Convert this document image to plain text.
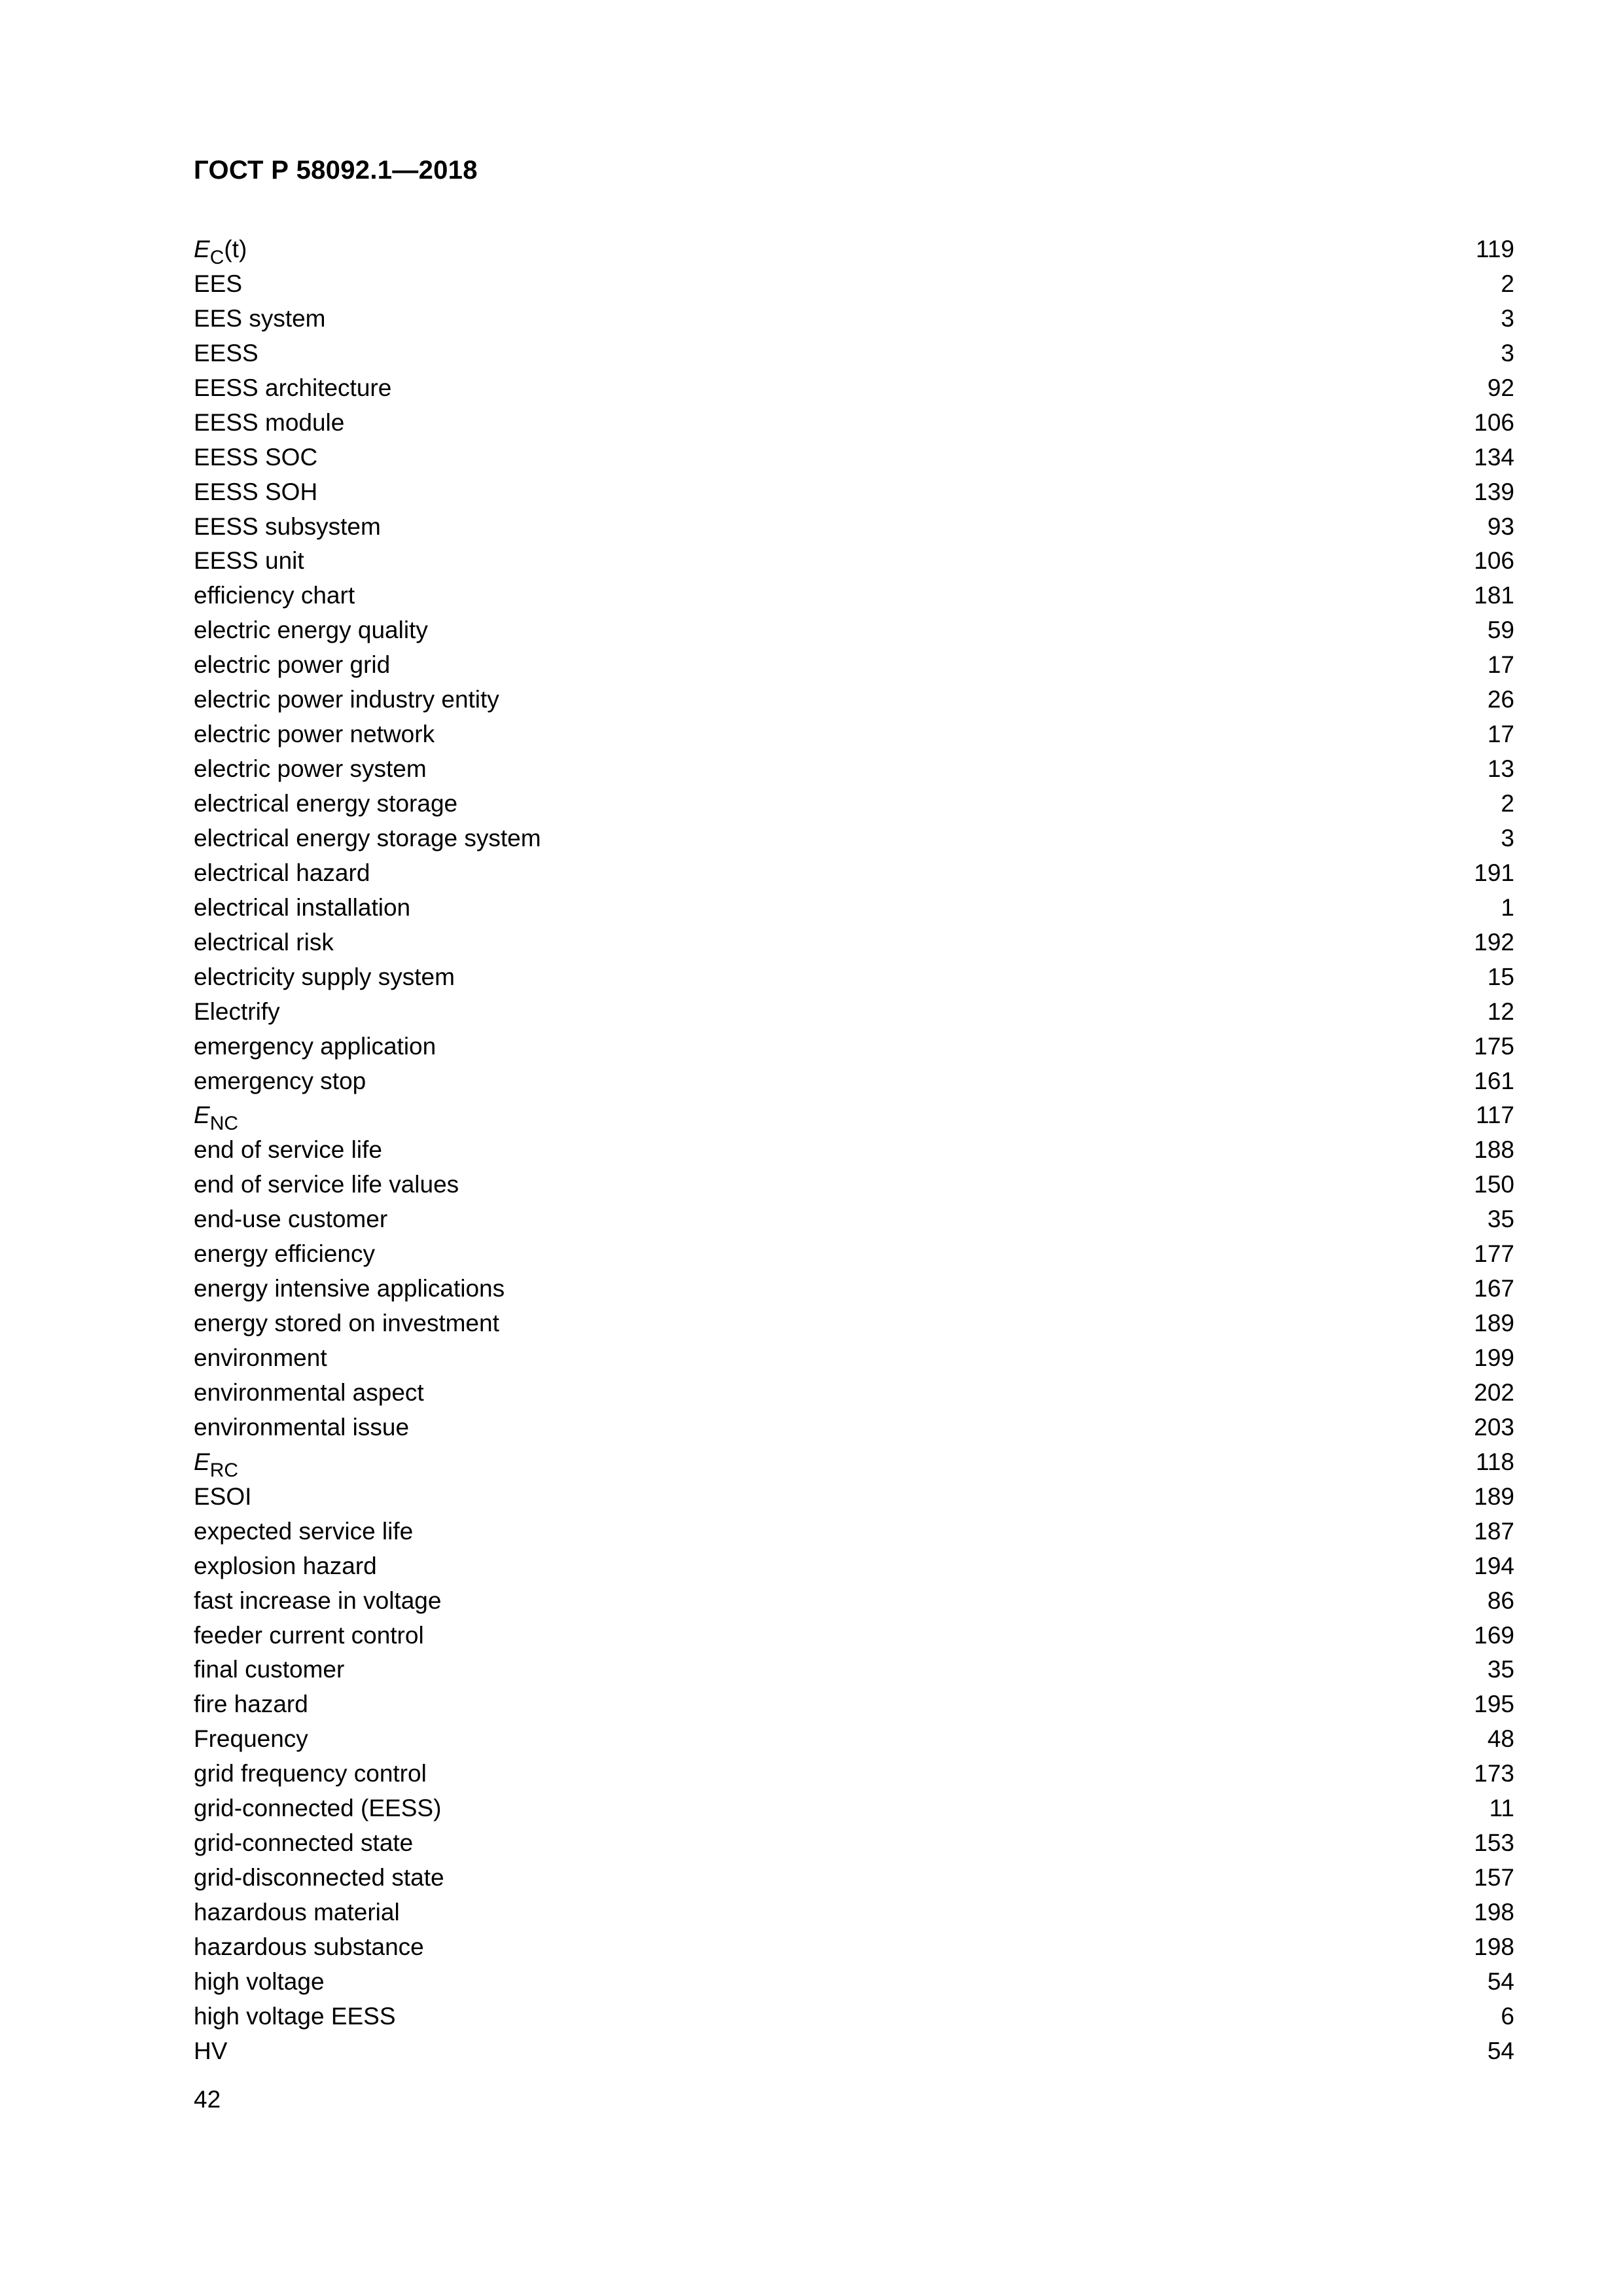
ГОСТ Р 58092.1—2018
$E_C(t)$	119
EES	2
EES system	3
EESS	3
EESS architecture	92
EESS module	106
EESS SOC	134
EESS SOH	139
EESS subsystem	93
EESS unit	106
efficiency chart	181
electric energy quality	59
electric power grid	17
electric power industry entity	26
electric power network	17
electric power system	13
electrical energy storage	2
electrical energy storage system	3
electrical hazard	191
electrical installation	1
electrical risk	192
electricity supply system	15
Electrify	12
emergency application	175
emergency stop	161
$E_{NC}$	117
end of service life	188
end of service life values	150
end-use customer	35
energy efficiency	177
energy intensive applications	167
energy stored on investment	189
environment	199
environmental aspect	202
environmental issue	203
$E_{RC}$	118
ESOI	189
expected service life	187
explosion hazard	194
fast increase in voltage	86
feeder current control	169
final customer	35
fire hazard	195
Frequency	48
grid frequency control	173
grid-connected (EESS)	11
grid-connected state	153
grid-disconnected state	157
hazardous material	198
hazardous substance	198
high voltage	54
high voltage EESS	6
HV	54
42
